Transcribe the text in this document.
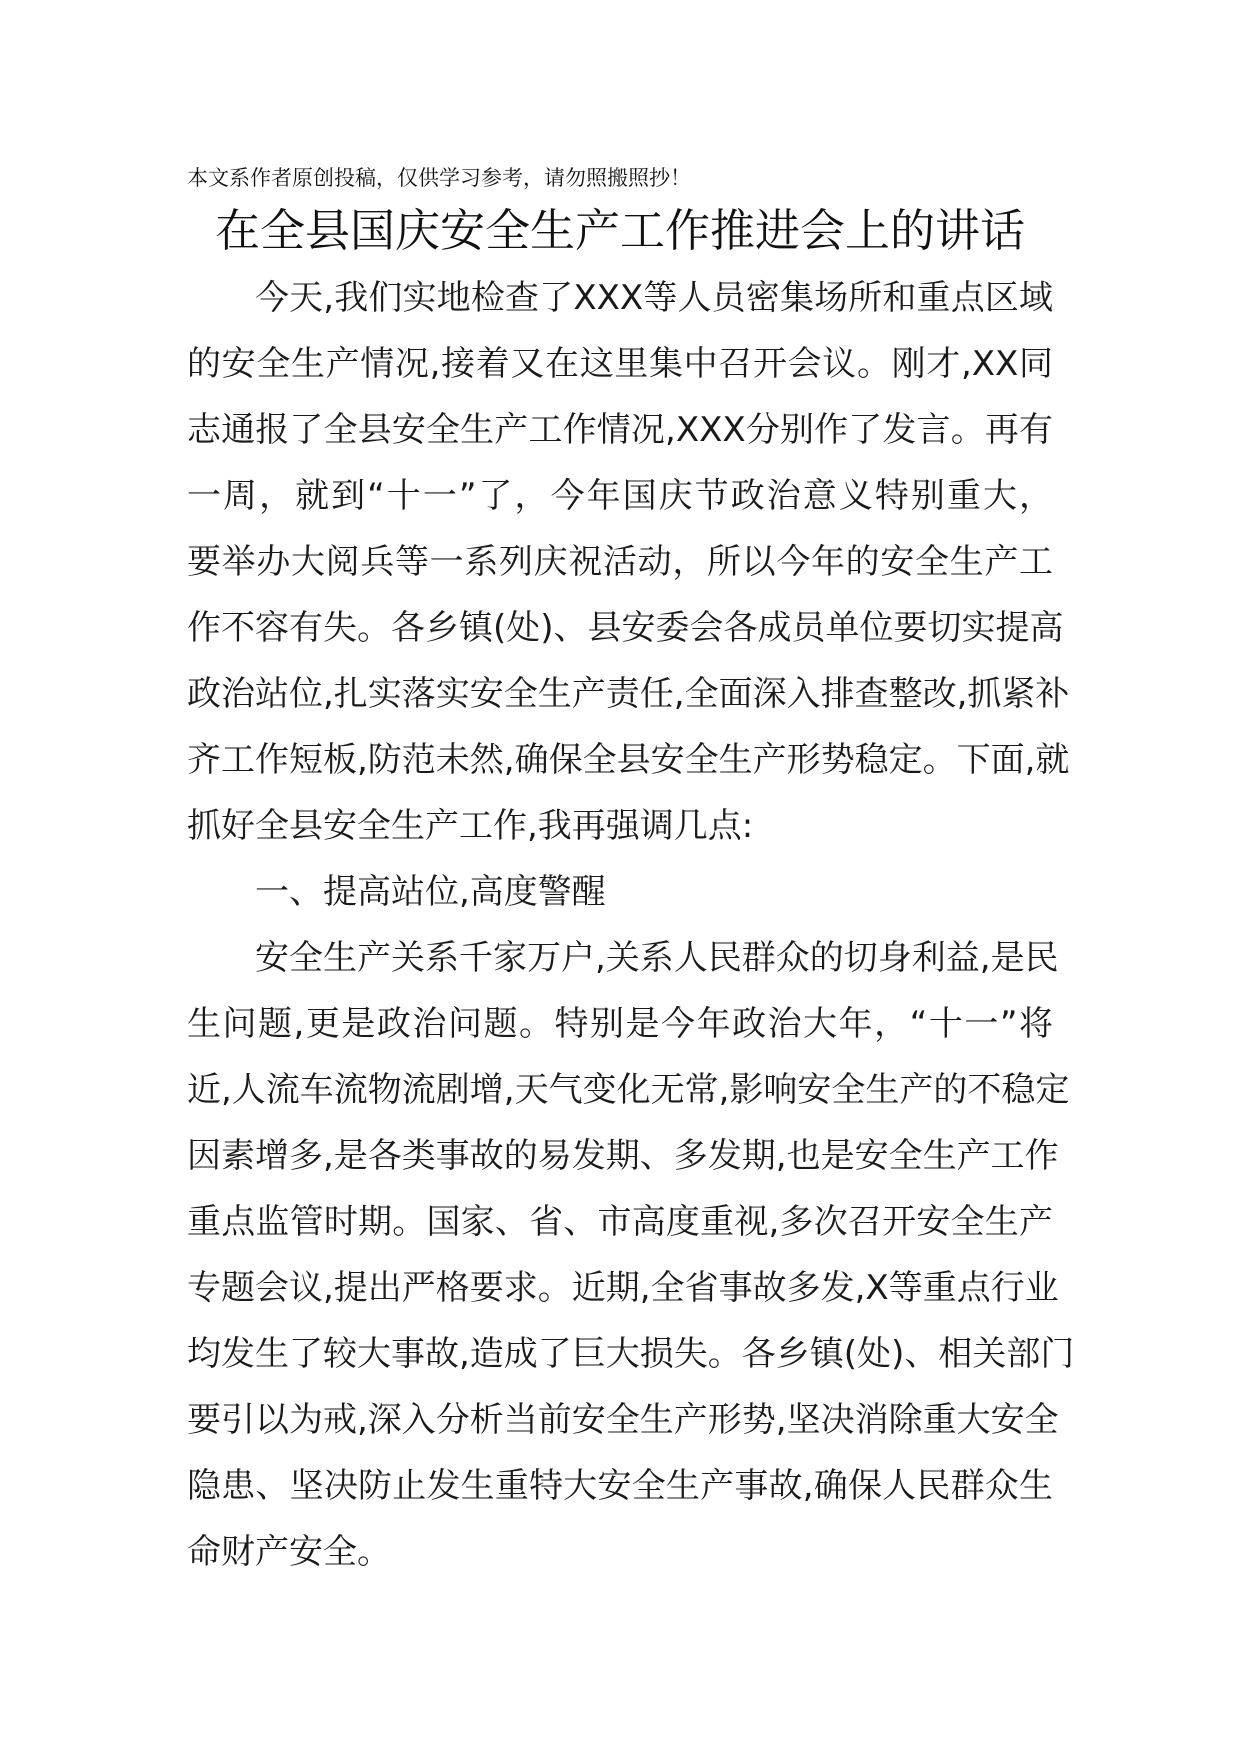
本文系作者原创投稿，仅供学习参考，请勿照搬照抄！
在全县国庆安全生产工作推进会上的讲话
今天,我们实地检查了XXX等人员密集场所和重点区域
的安全生产情况,接着又在这里集中召开会议。刚才,XX同
志通报了全县安全生产工作情况,XXX分别作了发言。再有
一周，就到“十一”了，今年国庆节政治意义特别重大，
要举办大阅兵等一系列庆祝活动，所以今年的安全生产工
作不容有失。各乡镇(处)、县安委会各成员单位要切实提高
政治站位,扎实落实安全生产责任,全面深入排查整改,抓紧补
齐工作短板,防范未然,确保全县安全生产形势稳定。下面,就
抓好全县安全生产工作,我再强调几点:
一、提高站位,高度警醒
安全生产关系千家万户,关系人民群众的切身利益,是民
生问题,更是政治问题。特别是今年政治大年，“十一”将
近,人流车流物流剧增,天气变化无常,影响安全生产的不稳定
因素增多,是各类事故的易发期、多发期,也是安全生产工作
重点监管时期。国家、省、市高度重视,多次召开安全生产
专题会议,提出严格要求。近期,全省事故多发,X等重点行业
均发生了较大事故,造成了巨大损失。各乡镇(处)、相关部门
要引以为戒,深入分析当前安全生产形势,坚决消除重大安全
隐患、坚决防止发生重特大安全生产事故,确保人民群众生
命财产安全。
